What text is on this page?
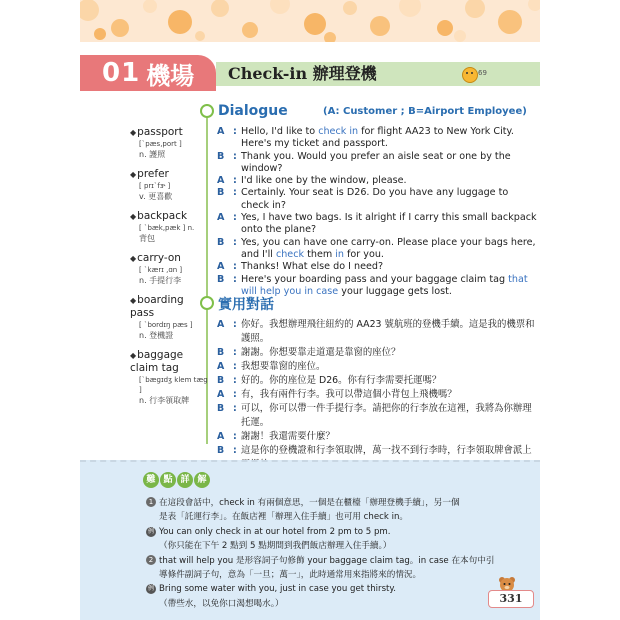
01 機場 Check-in 辦理登機	69
Dialogue	(A: Customer ; B=Airport Employee)
◆passport
[ˋpæs,port ]
n. 護照
◆prefer
[ prɪˋfɝ ]
v. 更喜歡
◆backpack
[ ˋbæk,pæk ] n.
背包
◆carry-on
[ ˋkærɪ ,ɑn ]
n. 手提行李
◆boarding pass
[ ˋbordɪŋ pæs ]
n. 登機證
◆baggage claim tag
[ˋbægɪdʒ klem tæg ]
n. 行李領取牌
A : Hello, I'd like to check in for flight AA23 to New York City. Here's my ticket and passport.
B : Thank you. Would you prefer an aisle seat or one by the window?
A : I'd like one by the window, please.
B : Certainly. Your seat is D26. Do you have any luggage to check in?
A : Yes, I have two bags. Is it alright if I carry this small backpack onto the plane?
B : Yes, you can have one carry-on. Please place your bags here, and I'll check them in for you.
A : Thanks! What else do I need?
B : Here's your boarding pass and your baggage claim tag that will help you in case your luggage gets lost.
實用對話
A : 你好。我想辦理飛往紐約的 AA23 號航班的登機手續。這是我的機票和護照。
B : 謝謝。你想要靠走道還是靠窗的座位？
A : 我想要靠窗的座位。
B : 好的。你的座位是 D26。你有行李需要托運嗎？
A : 有，我有兩件行李。我可以帶這個小背包上飛機嗎？
B : 可以，你可以帶一件手提行李。請把你的行李放在這裡，我將為你辦理托運。
A : 謝謝！我還需要什麼？
B : 這是你的登機證和行李領取牌，萬一找不到行李時，行李領取牌會派上
難 點 詳 解
1 在這段會話中，check in 有兩個意思，一個是在櫃檯「辦理登機手續」，另一個
是表「託運行李」。在飯店裡「辦理入住手續」也可用 check in。
例 You can only check in at our hotel from 2 pm to 5 pm.
（你只能在下午 2 點到 5 點期間到我們飯店辦理入住手續。）
2 that will help you 是形容詞子句修飾 your baggage claim tag。in case 在本句中引
導條件副詞子句，意為「一旦；萬一」，此時通常用來指將來的情況。
例 Bring some water with you, just in case you get thirsty.
（帶些水，以免你口渴想喝水。）	331
